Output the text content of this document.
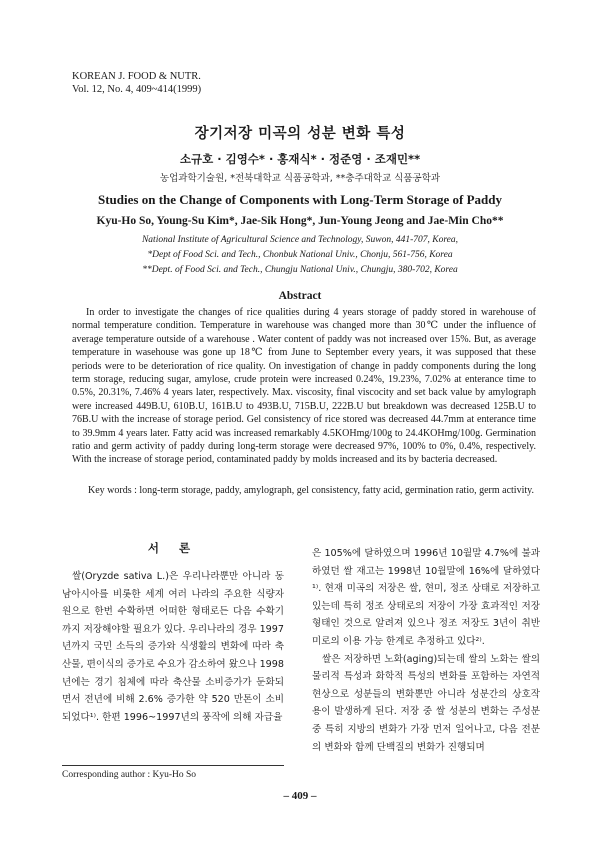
KOREAN J. FOOD & NUTR.
Vol. 12, No. 4, 409~414(1999)
장기저장 미곡의 성분 변화 특성
소규호 · 김영수* · 홍재식* · 정준영 · 조재민**
농업과학기술원, *전북대학교 식품공학과, **충주대학교 식품공학과
Studies on the Change of Components with Long-Term Storage of Paddy
Kyu-Ho So, Young-Su Kim*, Jae-Sik Hong*, Jun-Young Jeong and Jae-Min Cho**
National Institute of Agricultural Science and Technology, Suwon, 441-707, Korea,
*Dept of Food Sci. and Tech., Chonbuk National Univ., Chonju, 561-756, Korea
**Dept. of Food Sci. and Tech., Chungju National Univ., Chungju, 380-702, Korea
Abstract

In order to investigate the changes of rice qualities during 4 years storage of paddy stored in warehouse of normal temperature condition. Temperature in warehouse was changed more than 30℃ under the influence of average temperature outside of a warehouse . Water content of paddy was not increased over 15%. But, as average temperature in wasehouse was gone up 18℃ from June to September every years, it was supposed that these periods were to be deterioration of rice quality. On investigation of change in paddy components during the long term storage, reducing sugar, amylose, crude protein were increased 0.24%, 19.23%, 7.02% at enterance time to 0.5%, 20.31%, 7.46% 4 years later, respectively. Max. viscosity, final viscocity and set back value by amylograph were increased 449B.U, 610B.U, 161B.U to 493B.U, 715B.U, 222B.U but breakdown was decreased 125B.U to 76B.U with the increase of storage period. Gel consistency of rice stored was decreased 44.7mm at enterance time to 39.9mm 4 years later. Fatty acid was increased remarkably 4.5KOHmg/100g to 24.4KOHmg/100g. Germination ratio and germ activity of paddy during long-term storage were decreased 97%, 100% to 0%, 0.4%, respectively. With the increase of storage period, contaminated paddy by molds increased and its by bacteria decreased.

Key words : long-term storage, paddy, amylograph, gel consistency, fatty acid, germination ratio, germ activity.
서 론

쌀(Oryzde sativa L.)은 우리나라뿐만 아니라 동남아시아를 비롯한 세계 여러 나라의 주요한 식량자원으로 한번 수확하면 어떠한 형태로든 다음 수확기까지 저장해야할 필요가 있다. 우리나라의 경우 1997년까지 국민 소득의 증가와 식생활의 변화에 따라 축산물, 편이식의 증가로 수요가 감소하여 왔으나 1998년에는 경기 침체에 따라 축산물 소비증가가 둔화되면서 전년에 비해 2.6% 증가한 약 520 만톤이 소비되었다¹⁾. 한편 1996~1997년의 풍작에 의해 자급율

은 105%에 달하였으며 1996년 10월말 4.7%에 불과하였던 쌀 재고는 1998년 10월말에 16%에 달하였다¹⁾. 현재 미곡의 저장은 쌀, 현미, 정조 상태로 저장하고 있는데 특히 정조 상태로의 저장이 가장 효과적인 저장 형태인 것으로 알려져 있으나 정조 저장도 3년이 취반미로의 이용 가능 한계로 추정하고 있다²⁾.

쌀은 저장하면 노화(aging)되는데 쌀의 노화는 쌀의 물리적 특성과 화학적 특성의 변화를 포함하는 자연적 현상으로 성분들의 변화뿐만 아니라 성분간의 상호작용이 발생하게 된다. 저장 중 쌀 성분의 변화는 주성분 중 특히 지방의 변화가 가장 먼저 일어나고, 다음 전분의 변화와 함께 단백질의 변화가 진행되며

Corresponding author : Kyu-Ho So
– 409 –
